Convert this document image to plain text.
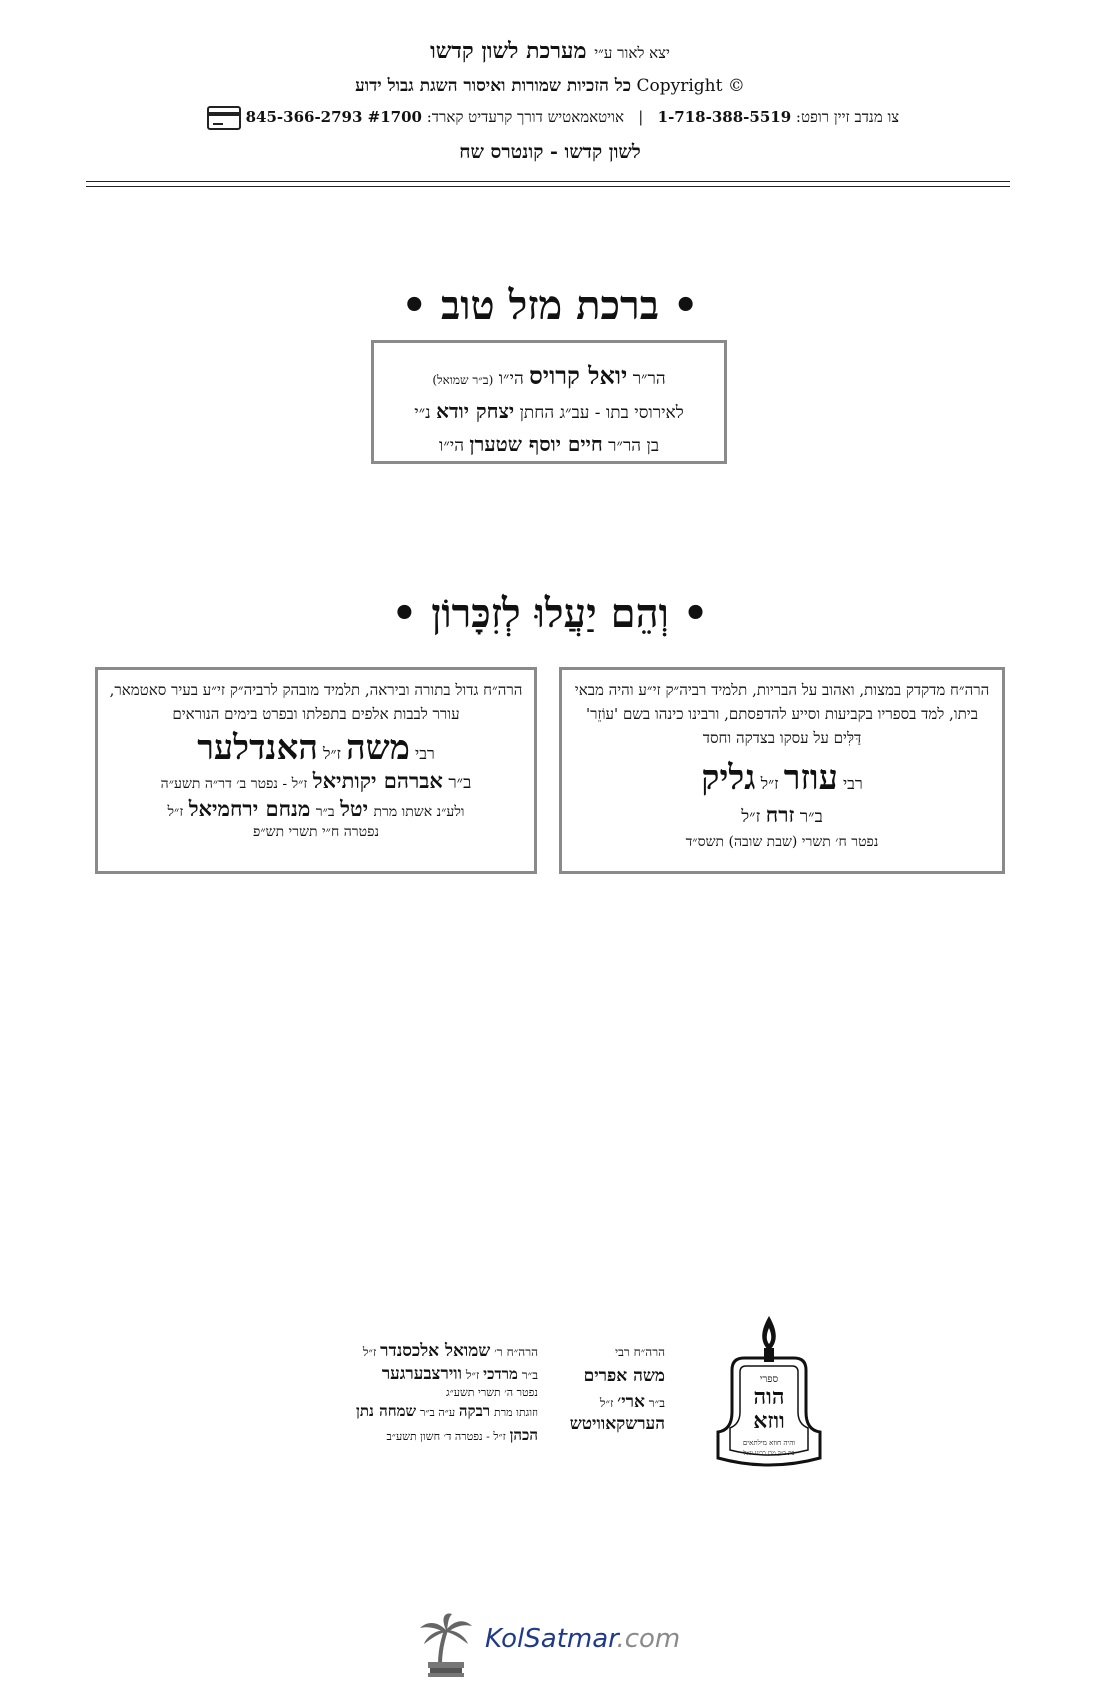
יצא לאור ע״י מערכת לשון קדשו
כל הזכיות שמורות ואיסור השגת גבול ידוע Copyright ©
צו מנדב זיין רופט: 1-718-388-5519   |   אויטאמאטיש דורך קרעדיט קארד: 845-366-2793 #1700
לשון קדשו - קונטרס שח
• ברכת מזל טוב •
הר״ר יואל קרויס הי״ו (ב״ר שמואל)
לאירוסי בתו - עב״ג החתן יצחק יודא נ״י
בן הר״ר חיים יוסף שטערן הי״ו
• וְהֵם יַעֲלוּ לְזִכָּרוֹן •
הרה״ח מדקדק במצות, ואהוב על הבריות, תלמיד רביה״ק זי״ע והיה מבאי ביתו, למד בספריו בקביעות וסייע להדפסתם, ורבינו כינהו בשם 'עוֹזֵר' דַּלִּים על עסקו בצדקה וחסד
רבי עוזר ז״ל גליק
ב״ר זרח ז״ל
נפטר ח׳ תשרי (שבת שובה) תשס״ד
הרה״ח גדול בתורה וביראה, תלמיד מובהק לרביה״ק זי״ע בעיר סאטמאר, עורר לבבות אלפים בתפלתו ובפרט בימים הנוראים
רבי משה ז״ל האנדלער
ב״ר אברהם יקותיאל ז״ל - נפטר ב׳ דר״ה תשע״ה
ולע״נ אשתו מרת יטל ב״ר מנחם ירחמיאל ז״ל
נפטרה ח״י תשרי תש״פ
ספרי
הוה
ווזא
והיה חוזא מילתאים
בת ב״ק מרן רבינו יואל
הרה״ח רבי
משה אפרים
ב״ר ארי׳ ז״ל
הערשקאוויטש
הרה״ח ר׳ שמואל אלכסנדר ז״ל
ב״ר מרדכי ז״ל ווירצבערגער
נפטר ה׳ תשרי תשע״ג
וזוגתו מרת רבקה ע״ה ב״ר שמחה נתן
הכהן ז״ל - נפטרה ד׳ חשון תשע״ב
KolSatmar.com
